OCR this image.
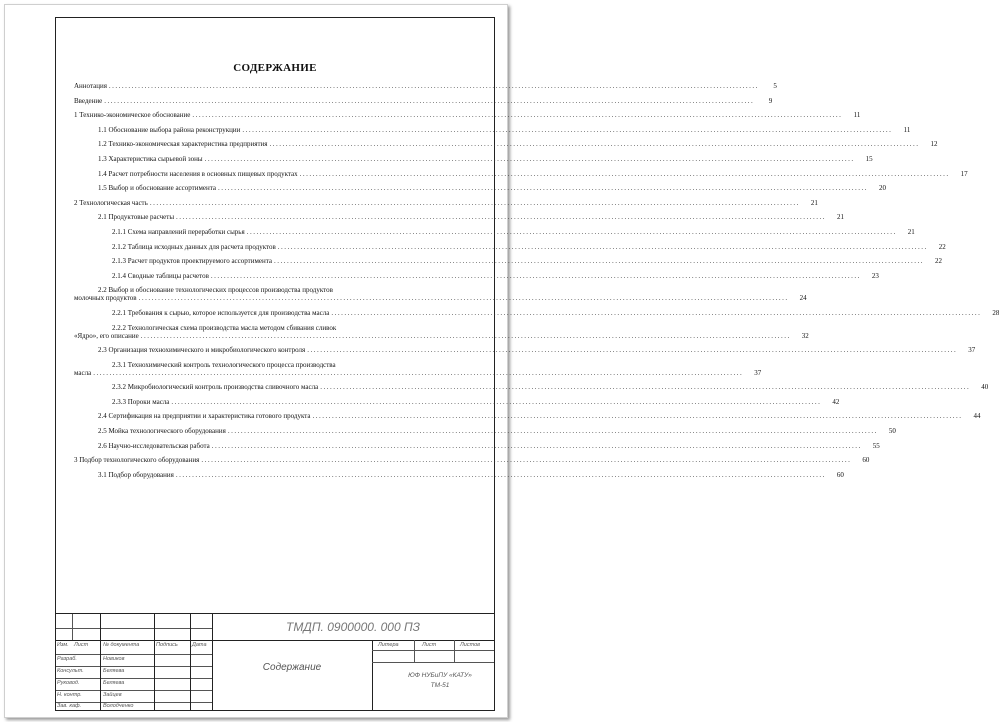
СОДЕРЖАНИЕ
Аннотация ........................................................................................................................................................................................................	5
Введение ........................................................................................................................................................................................................	9
1 Технико-экономическое обоснование ........................................................................................................................................................................................................	11
1.1 Обоснование выбора района реконструкции ........................................................................................................................................................................................................	11
1.2 Технико-экономическая характеристика предприятия ........................................................................................................................................................................................................	12
1.3 Характеристика сырьевой зоны ........................................................................................................................................................................................................	15
1.4 Расчет потребности населения в основных пищевых продуктах ........................................................................................................................................................................................................	17
1.5 Выбор и обоснование ассортимента ........................................................................................................................................................................................................	20
2 Технологическая часть ........................................................................................................................................................................................................	21
2.1 Продуктовые расчеты ........................................................................................................................................................................................................	21
2.1.1 Схема направлений переработки сырья ........................................................................................................................................................................................................	21
2.1.2 Таблица исходных данных для расчета продуктов ........................................................................................................................................................................................................	22
2.1.3 Расчет продуктов проектируемого ассортимента ........................................................................................................................................................................................................	22
2.1.4 Сводные таблицы расчетов ........................................................................................................................................................................................................	23
2.2 Выбор и обоснование технологических процессов производства продуктов
молочных продуктов ........................................................................................................................................................................................................	24
2.2.1 Требования к сырью, которое используется для производства масла ........................................................................................................................................................................................................	28
2.2.2 Технологическая схема производства масла методом сбивания сливок
«Ядро», его описание ........................................................................................................................................................................................................	32
2.3 Организация технохимического и микробиологического контроля ........................................................................................................................................................................................................	37
2.3.1 Технохимический контроль технологического процесса производства
масла ........................................................................................................................................................................................................	37
2.3.2 Микробиологический контроль производства сливочного масла ........................................................................................................................................................................................................	40
2.3.3 Пороки масла ........................................................................................................................................................................................................	42
2.4 Сертификация на предприятии и характеристика готового продукта ........................................................................................................................................................................................................	44
2.5 Мойка технологического оборудования ........................................................................................................................................................................................................	50
2.6 Научно-исследовательская работа ........................................................................................................................................................................................................	55
3 Подбор технологического оборудования ........................................................................................................................................................................................................	60
3.1 Подбор оборудования ........................................................................................................................................................................................................	60
Изм. Лист	№ документа	Подпись	Дата
Разраб.	Новиков
Консульт.	Беляева
Руковод.	Беляева
Н. контр.	Зайцев
Зав. каф.	Володченко
ТМДП. 0900000. 000 ПЗ
Содержание
Литера	Лист	Листов
ЮФ НУБиПУ «КАТУ»
ТМ-51
